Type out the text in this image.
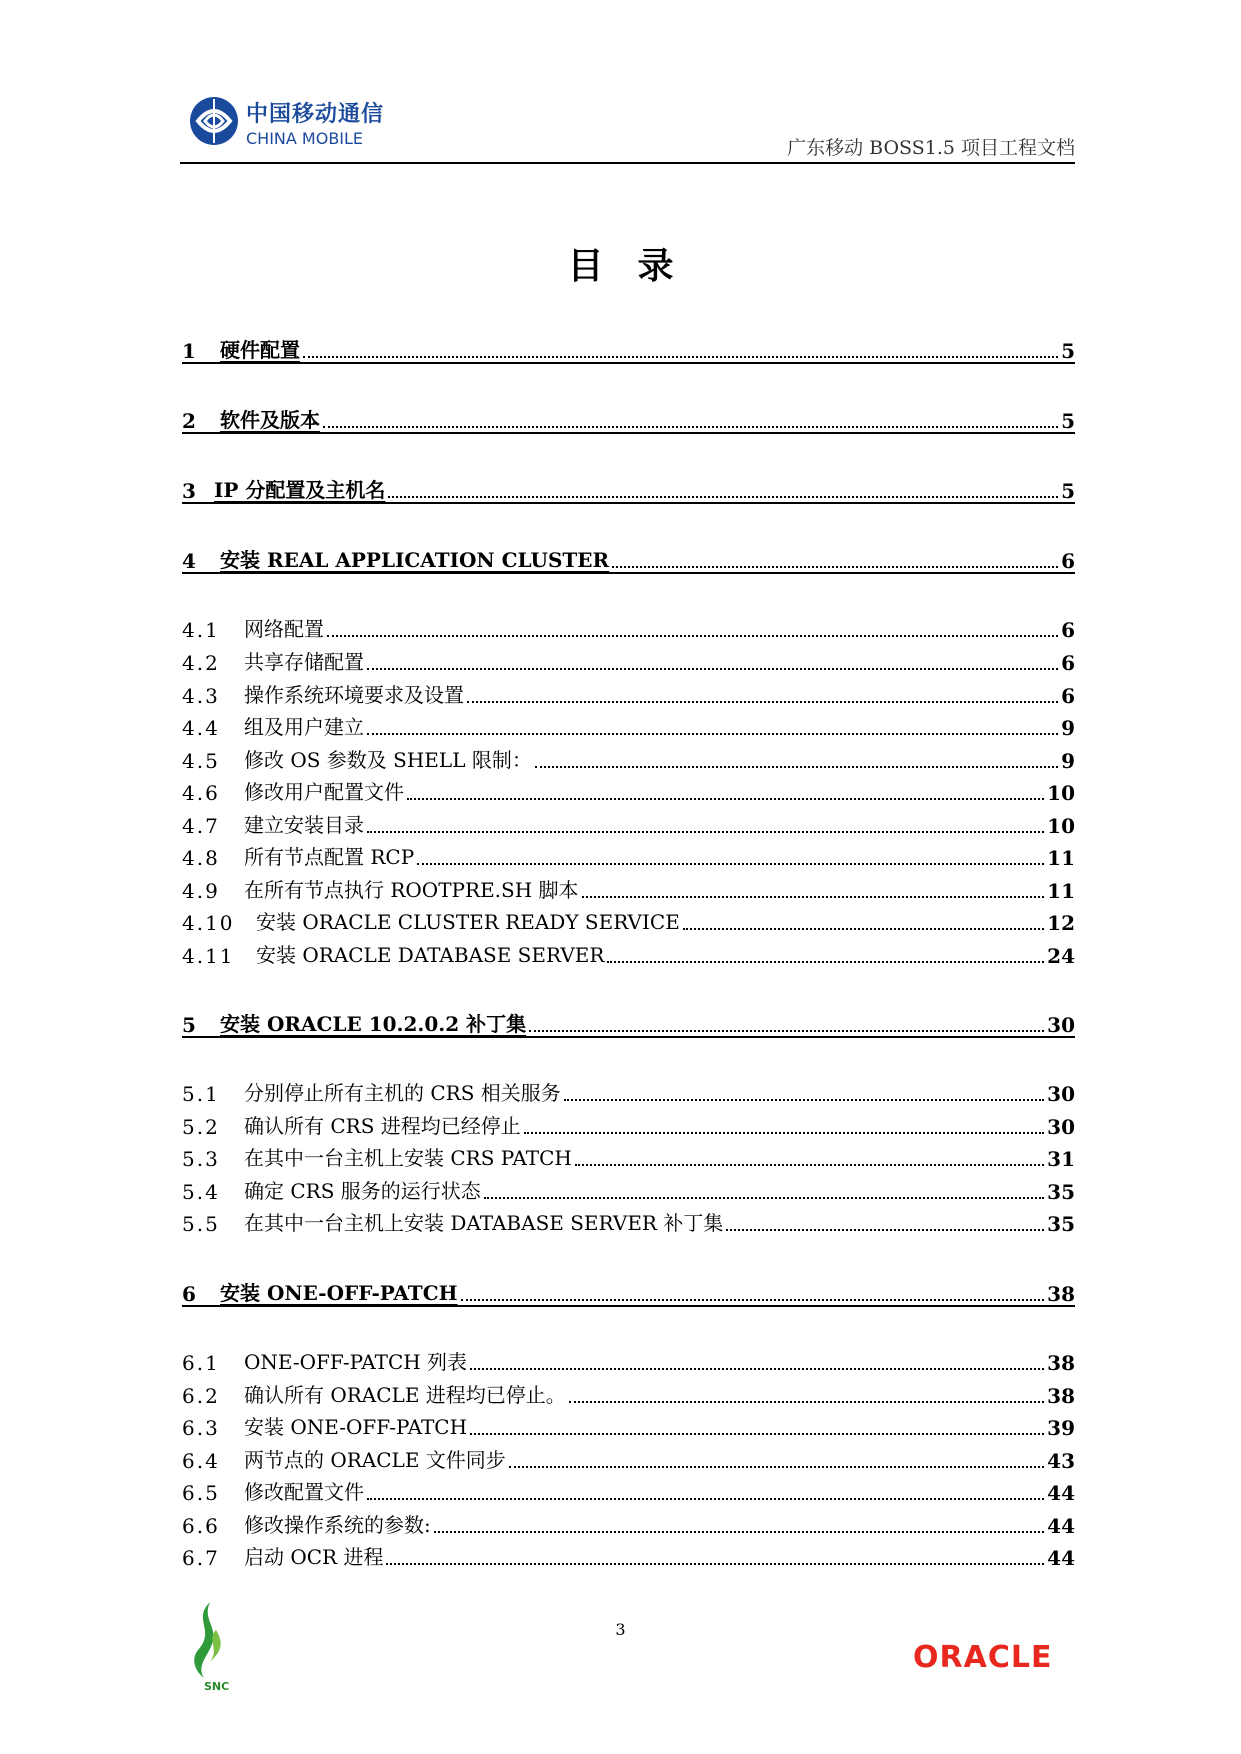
中国移动通信
CHINA MOBILE	广东移动 BOSS1.5 项目工程文档
目录
1	硬件配置	5
2	软件及版本	5
3 IP 分配置及主机名	5
4	安装 REAL APPLICATION CLUSTER	6
4.1	网络配置	6
4.2	共享存储配置	6
4.3	操作系统环境要求及设置	6
4.4	组及用户建立	9
4.5	修改 OS 参数及 SHELL 限制：	9
4.6	修改用户配置文件	10
4.7	建立安装目录	10
4.8	所有节点配置 RCP	11
4.9	在所有节点执行 ROOTPRE.SH 脚本	11
4.10	安装 ORACLE CLUSTER READY SERVICE	12
4.11	安装 ORACLE DATABASE SERVER	24
5	安装 ORACLE 10.2.0.2 补丁集	30
5.1	分别停止所有主机的 CRS 相关服务	30
5.2	确认所有 CRS 进程均已经停止	30
5.3	在其中一台主机上安装 CRS PATCH	31
5.4	确定 CRS 服务的运行状态	35
5.5	在其中一台主机上安装 DATABASE SERVER 补丁集	35
6	安装 ONE-OFF-PATCH	38
6.1	ONE-OFF-PATCH 列表	38
6.2	确认所有 ORACLE 进程均已停止。	38
6.3	安装 ONE-OFF-PATCH	39
6.4	两节点的 ORACLE 文件同步	43
6.5	修改配置文件	44
6.6	修改操作系统的参数:	44
6.7	启动 OCR 进程	44
3
SNC
ORACLE
